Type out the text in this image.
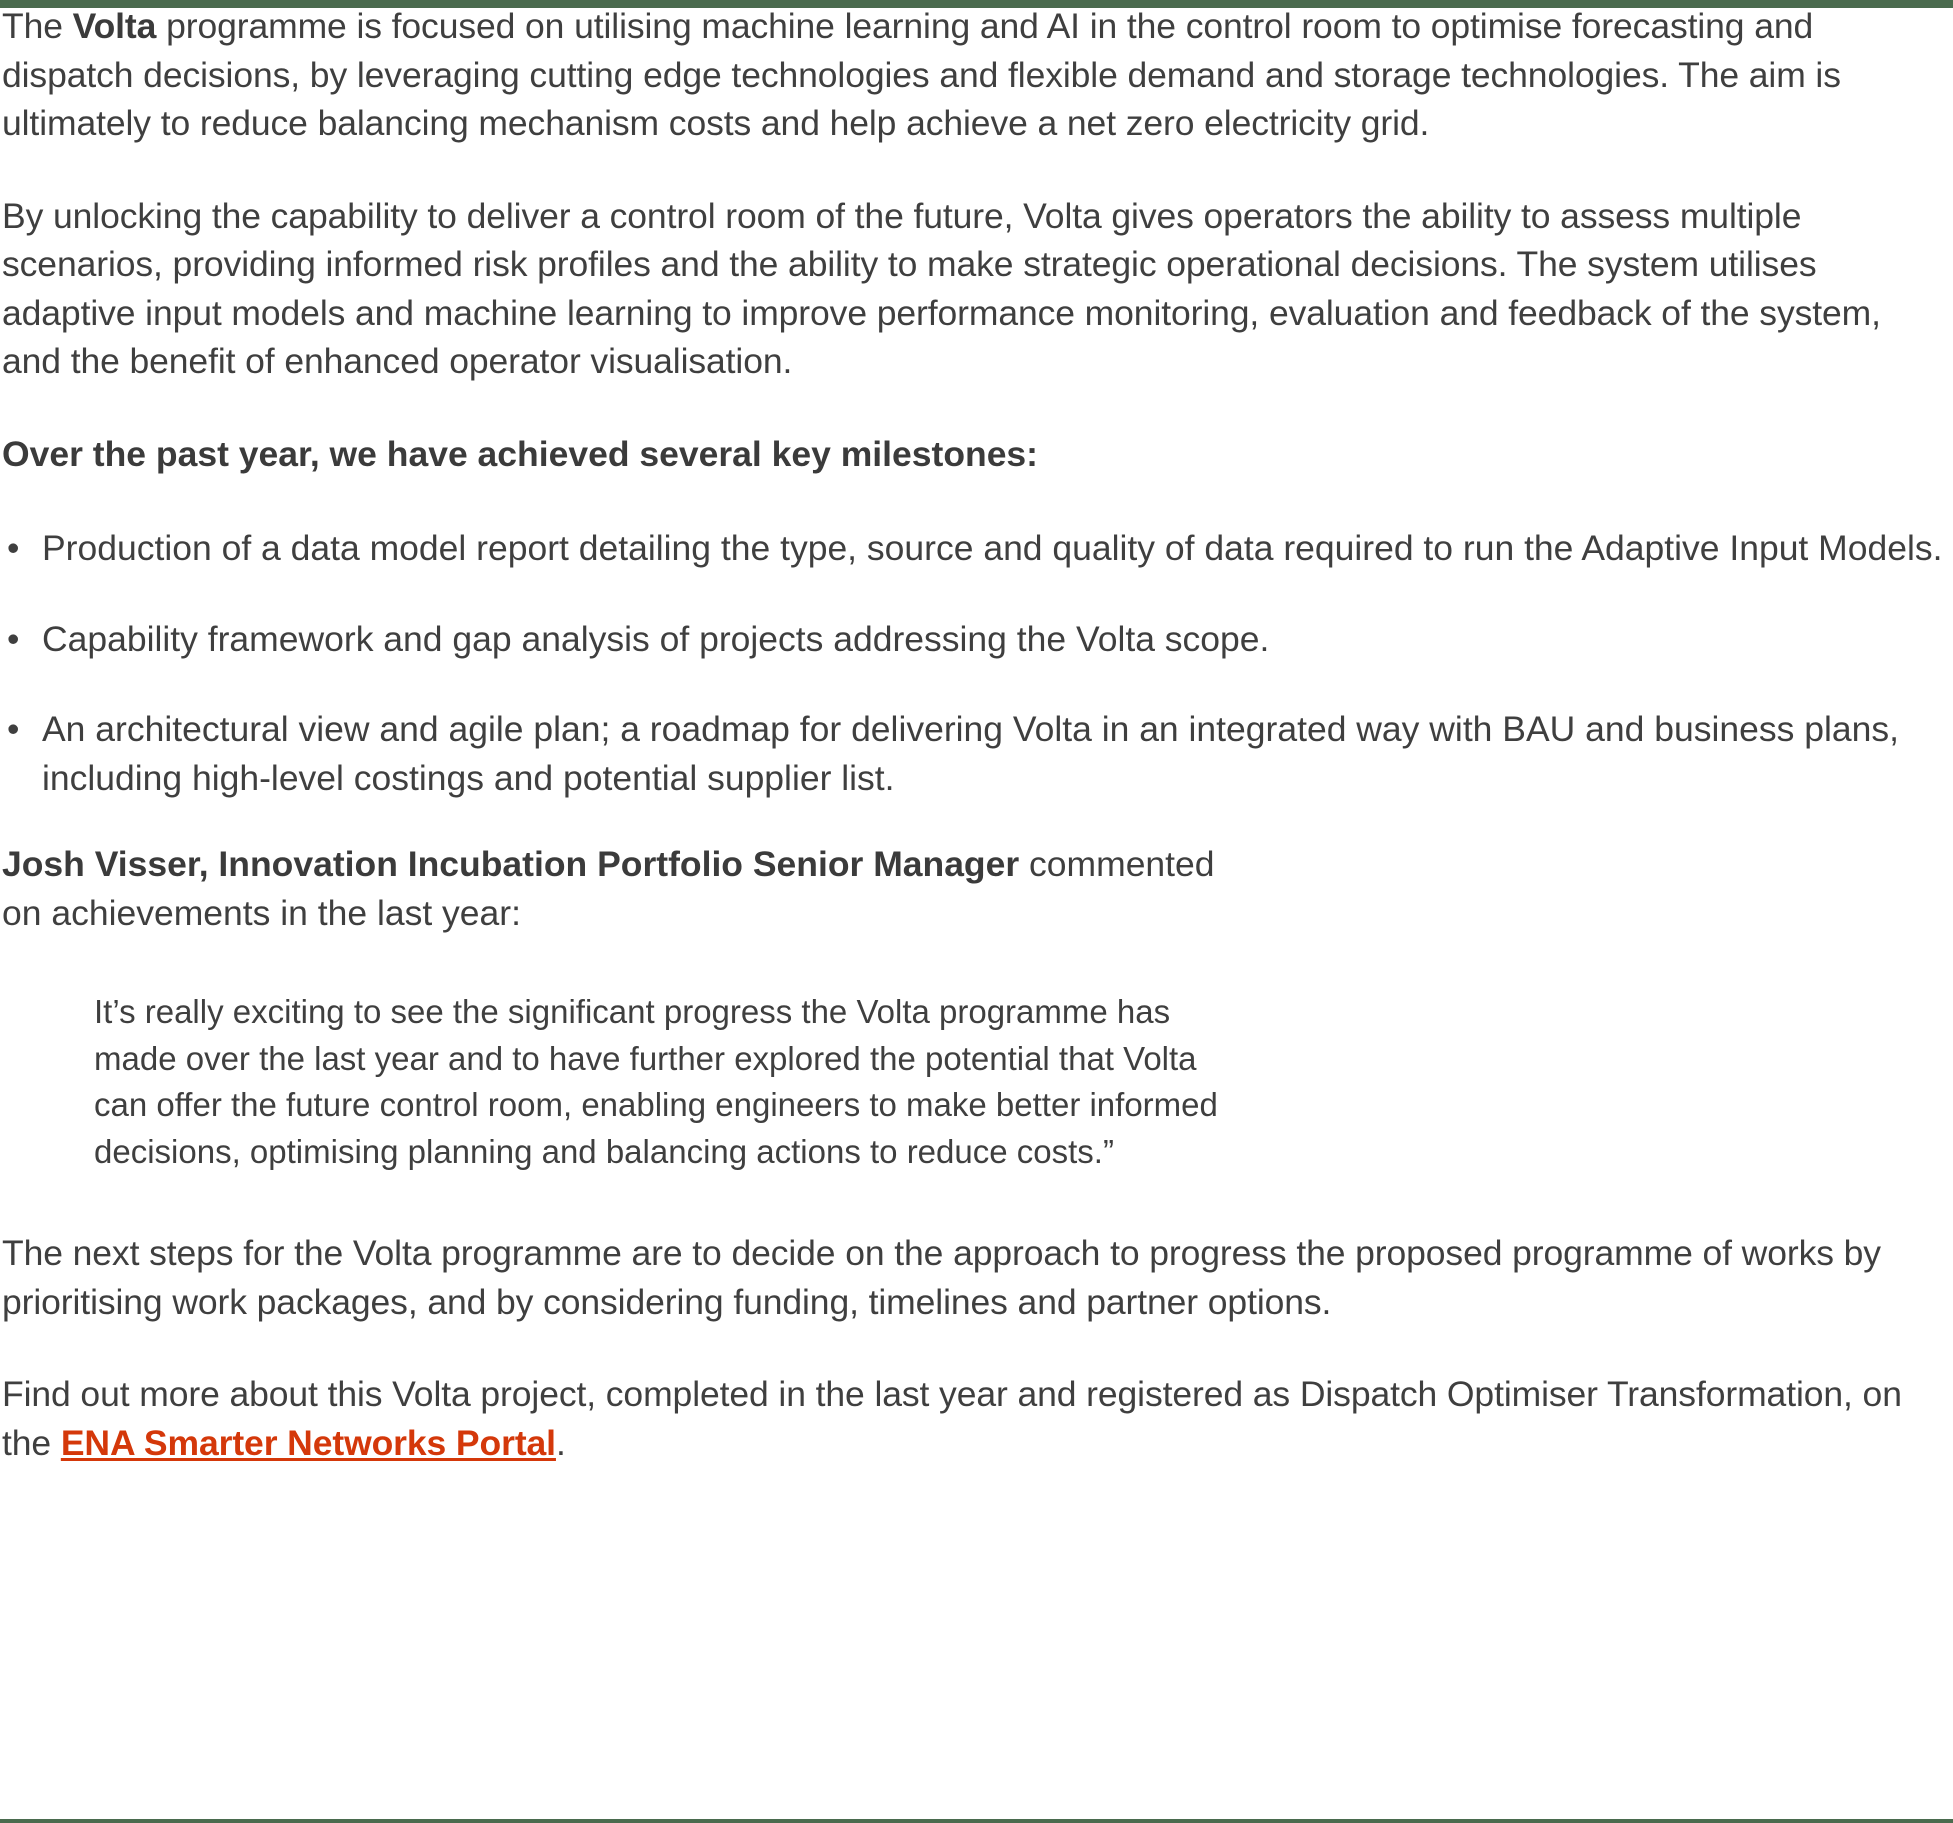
The Volta programme is focused on utilising machine learning and AI in the control room to optimise forecasting and dispatch decisions, by leveraging cutting edge technologies and flexible demand and storage technologies. The aim is ultimately to reduce balancing mechanism costs and help achieve a net zero electricity grid.

By unlocking the capability to deliver a control room of the future, Volta gives operators the ability to assess multiple scenarios, providing informed risk profiles and the ability to make strategic operational decisions. The system utilises adaptive input models and machine learning to improve performance monitoring, evaluation and feedback of the system, and the benefit of enhanced operator visualisation.

Over the past year, we have achieved several key milestones:
• Production of a data model report detailing the type, source and quality of data required to run the Adaptive Input Models.
• Capability framework and gap analysis of projects addressing the Volta scope.
• An architectural view and agile plan; a roadmap for delivering Volta in an integrated way with BAU and business plans, including high-level costings and potential supplier list.

Josh Visser, Innovation Incubation Portfolio Senior Manager commented
on achievements in the last year:

It’s really exciting to see the significant progress the Volta programme has
made over the last year and to have further explored the potential that Volta
can offer the future control room, enabling engineers to make better informed
decisions, optimising planning and balancing actions to reduce costs.”

The next steps for the Volta programme are to decide on the approach to progress the proposed programme of works by prioritising work packages, and by considering funding, timelines and partner options.

Find out more about this Volta project, completed in the last year and registered as Dispatch Optimiser Transformation, on the ENA Smarter Networks Portal.
